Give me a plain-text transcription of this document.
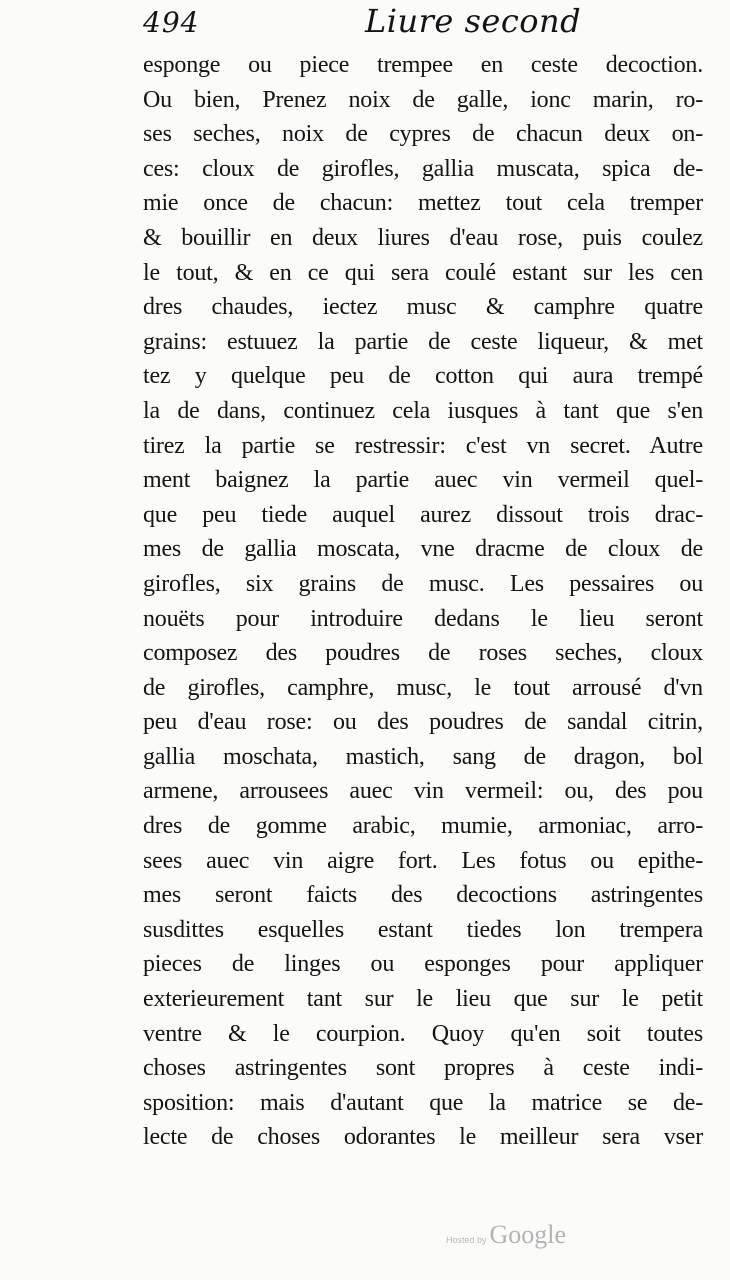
494	Liure second
esponge ou piece trempee en ceste decoction.
Ou bien, Prenez noix de galle, ionc marin, ro-
ses seches, noix de cypres de chacun deux on-
ces: cloux de girofles, gallia muscata, spica de-
mie once de chacun: mettez tout cela tremper
& bouillir en deux liures d'eau rose, puis coulez
le tout, & en ce qui sera coulé estant sur les cen
dres chaudes, iectez musc & camphre quatre
grains: estuuez la partie de ceste liqueur, & met
tez y quelque peu de cotton qui aura trempé
la de dans, continuez cela iusques à tant que s'en
tirez la partie se restressir: c'est vn secret. Autre
ment baignez la partie auec vin vermeil quel-
que peu tiede auquel aurez dissout trois drac-
mes de gallia moscata, vne dracme de cloux de
girofles, six grains de musc. Les pessaires ou
nouëts pour introduire dedans le lieu seront
composez des poudres de roses seches, cloux
de girofles, camphre, musc, le tout arrousé d'vn
peu d'eau rose: ou des poudres de sandal citrin,
gallia moschata, mastich, sang de dragon, bol
armene, arrousees auec vin vermeil: ou, des pou
dres de gomme arabic, mumie, armoniac, arro-
sees auec vin aigre fort. Les fotus ou epithe-
mes seront faicts des decoctions astringentes
susdittes esquelles estant tiedes lon trempera
pieces de linges ou esponges pour appliquer
exterieurement tant sur le lieu que sur le petit
ventre & le courpion. Quoy qu'en soit toutes
choses astringentes sont propres à ceste indi-
sposition: mais d'autant que la matrice se de-
lecte de choses odorantes le meilleur sera vser
Hosted by Google
